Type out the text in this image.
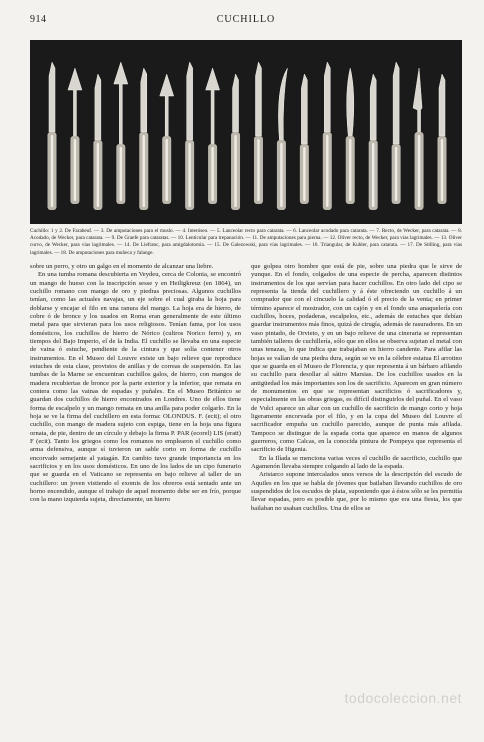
914	CUCHILLO
Cuchillo: 1 y 2. De Farabeuf. — 3. De amputaciones para el muslo. — 4. Interóseo. — 5. Lanceolar recto para catarata. — 6. Lanceolar acodado para catarata. — 7. Recto, de Wecker, para catarata. — 8. Acodado, de Wecker, para catarata. — 9. De Graefe para cataratas. — 10. Lenticular para trepanación. — 11. De amputaciones para pierna. — 12. Oliver recto, de Wecker, para vías lagrimales. — 13. Oliver curvo, de Wecker, para vías lagrimales. — 14. De Liefranc, para amigdalotomía. — 15. De Galezowski, para vías lagrimales. — 16. Triangular, de Kuhler, para catarata. — 17. De Stilling, para vías lagrimales. — 18. De amputaciones para muñeca y falange.

sobre un perro, y otro un galgo en el momento de alcanzar una liebre.

En una tumba romana descubierta en Veydeu, cerca de Colonia, se encontró un mango de hueso con la inscripción sesse y en Heiligkreuz (en 1864), un cuchillo romano con mango de oro y piedras preciosas. Algunos cuchillos tenían, como las actuales navajas, un eje sobre el cual giraba la hoja para doblarse y encajar el filo en una ranura del mango. La hoja era de hierro, de cobre ó de bronce y los usados en Roma eran generalmente de este último metal para que sirvieran para los usos religiosos. Tenían fama, por los usos domésticos, los cuchillos de hierro de Nórico (cultros Norico ferro) y, en tiempos del Bajo Imperio, el de la India. El cuchillo se llevaba en una especie de vaina ó estuche, pendiente de la cintura y que solía contener otros instrumentos. En el Museo del Louvre existe un bajo relieve que reproduce estuches de esta clase, provistos de anillas y de correas de suspensión. En las tumbas de la Marne se encuentran cuchillos galos, de hierro, con mangos de madera recubiertas de bronce por la parte exterior y la inferior, que remata en contera como las vainas de espadas y puñales. En el Museo Británico se guardan dos cuchillos de hierro encontrados en Londres. Uno de ellos tiene forma de escalpelo y un mango remata en una anilla para poder colgarlo. En la hoja se ve la firma del cuchillero en esta forma: OLONDUS. F. (ecit); el otro cuchillo, con mango de madera sujeto con espiga, tiene en la hoja una figura ornata, de pie, dentro de un círculo y debajo la firma P. PAR (ecorel) LIS (eratt) F (ecit). Tanto los griegos como los romanos no emplearon el cuchillo como arma defensiva, aunque sí tuvieron un sable corto en forma de cuchillo encorvado semejante al yatagán. En cambio tuvo grande importancia en los sacrificios y en los usos domésticos. En uno de los lados de un cipo funerario que se guarda en el Vaticano se representa en bajo relieve al taller de un cuchillero: un joven vistiendo el exomis de los obreros está sentado ante un horno encendido, aunque el trabajo de aquel momento debe ser en frío, porque con la mano izquierda sujeta, directamente, un hierro

que golpea otro hombre que está de pie, sobre una piedra que le sirve de yunque. En el fondo, colgados de una especie de percha, aparecen distintos instrumentos de los que servían para hacer cuchillos. En otro lado del cipo se representa la tienda del cuchillero y á éste ofreciendo un cuchillo á un comprador que con el cincuelo la calidad ó el precio de la venta; en primer término aparece el mostrador, con un cajón y en el fondo una anaquelería con cuchillos, hoces, podaderas, escalpelos, etc., además de estuches que debían guardar instrumentos más finos, quizá de cirugía, además de rasuradores. En un vaso pintado, de Orvieto, y en un bajo relieve de una cineraria se representan también talleres de cuchillería, sólo que en ellos se observa sujetan el metal con unas tenazas, lo que indica que trabajaban en hierro candente. Para afilar las hojas se valían de una piedra dura, según se ve en la célebre estatua El arrotino que se guarda en el Museo de Florencia, y que representa á un bárbaro afilando su cuchillo para desollar al sátiro Marsias. De los cuchillos usados en la antigüedad los más importantes son los de sacrificio. Aparecen en gran número de monumentos en que se representan sacrificios ó sacrificadores y, especialmente en las obras griegas, es difícil distinguirlos del puñal. En el vaso de Vulci aparece un altar con un cuchillo de sacrificio de mango corto y hoja ligeramente encorvada por el filo, y en la copa del Museo del Louvre el sacrificador empuña un cuchillo parecido, aunque de punta más afilada. Tampoco se distingue de la espada corta que aparece en manos de algunos guerreros, como Calcas, en la conocida pintura de Pompeya que representa el sacrificio de Ifigenia.

En la Ilíada se menciona varias veces el cuchillo de sacrificio, cuchillo que Agamenón llevaba siempre colgando al lado de la espada.

Aristarco supone intercalados unos versos de la descripción del escudo de Aquiles en los que se habla de jóvenes que bailaban llevando cuchillos de oro suspendidos de los escudos de plata, suponiendo que á éstos sólo se les permitía llevar espadas, pero es posible que, por lo mismo que era una fiesta, los que bailaban no usaban cuchillos. Una de ellos se

todocoleccion.net
